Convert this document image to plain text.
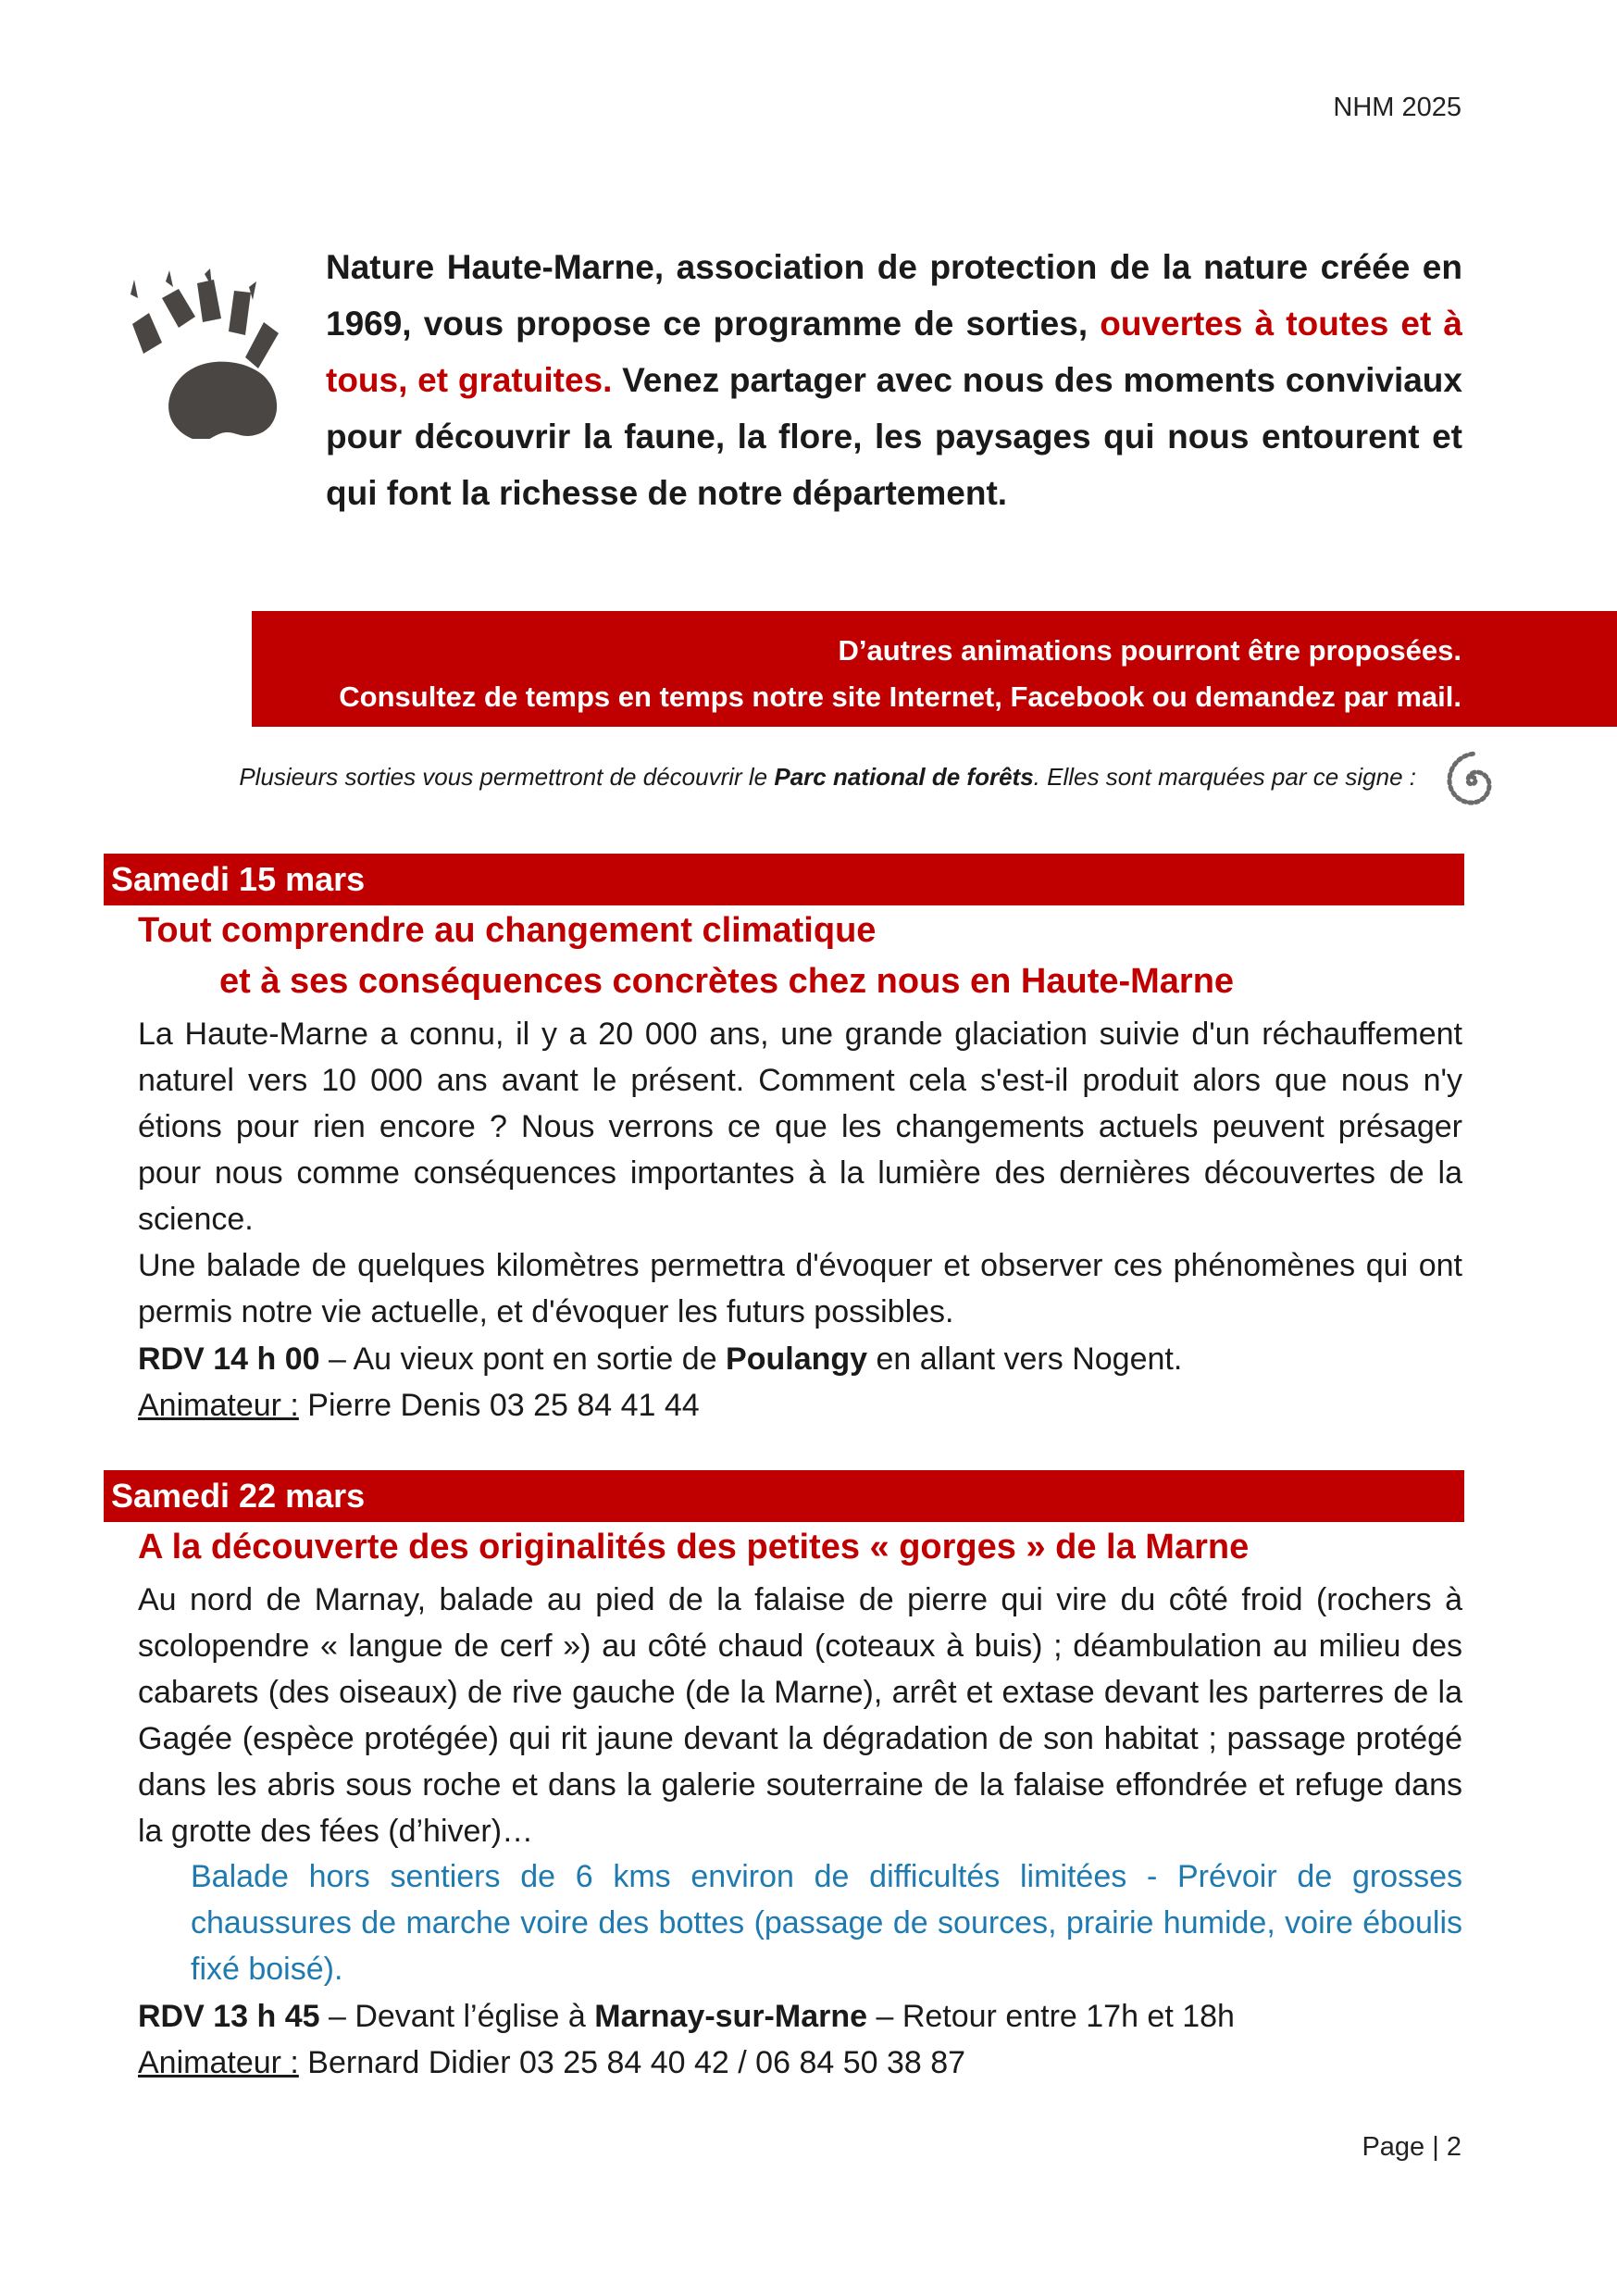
NHM 2025
Nature Haute-Marne, association de protection de la nature créée en 1969, vous propose ce programme de sorties, ouvertes à toutes et à tous, et gratuites. Venez partager avec nous des moments conviviaux pour découvrir la faune, la flore, les paysages qui nous entourent et qui font la richesse de notre département.
D’autres animations pourront être proposées.
Consultez de temps en temps notre site Internet, Facebook ou demandez par mail.
Plusieurs sorties vous permettront de découvrir le Parc national de forêts. Elles sont marquées par ce signe :
Samedi 15 mars
Tout comprendre au changement climatique
et à ses conséquences concrètes chez nous en Haute-Marne
La Haute-Marne a connu, il y a 20 000 ans, une grande glaciation suivie d'un réchauffement naturel vers 10 000 ans avant le présent. Comment cela s'est-il produit alors que nous n'y étions pour rien encore ? Nous verrons ce que les changements actuels peuvent présager pour nous comme conséquences importantes à la lumière des dernières découvertes de la science.
Une balade de quelques kilomètres permettra d'évoquer et observer ces phénomènes qui ont permis notre vie actuelle, et d'évoquer les futurs possibles.
RDV 14 h 00 – Au vieux pont en sortie de Poulangy en allant vers Nogent.
Animateur : Pierre Denis 03 25 84 41 44
Samedi 22 mars
A la découverte des originalités des petites « gorges » de la Marne
Au nord de Marnay, balade au pied de la falaise de pierre qui vire du côté froid (rochers à scolopendre « langue de cerf ») au côté chaud (coteaux à buis) ; déambulation au milieu des cabarets (des oiseaux) de rive gauche (de la Marne), arrêt et extase devant les parterres de la Gagée (espèce protégée) qui rit jaune devant la dégradation de son habitat ; passage protégé dans les abris sous roche et dans la galerie souterraine de la falaise effondrée et refuge dans la grotte des fées (d’hiver)…
Balade hors sentiers de 6 kms environ de difficultés limitées - Prévoir de grosses chaussures de marche voire des bottes (passage de sources, prairie humide, voire éboulis fixé boisé).
RDV 13 h 45 – Devant l’église à Marnay-sur-Marne – Retour entre 17h et 18h
Animateur : Bernard Didier 03 25 84 40 42 / 06 84 50 38 87
Page | 2
